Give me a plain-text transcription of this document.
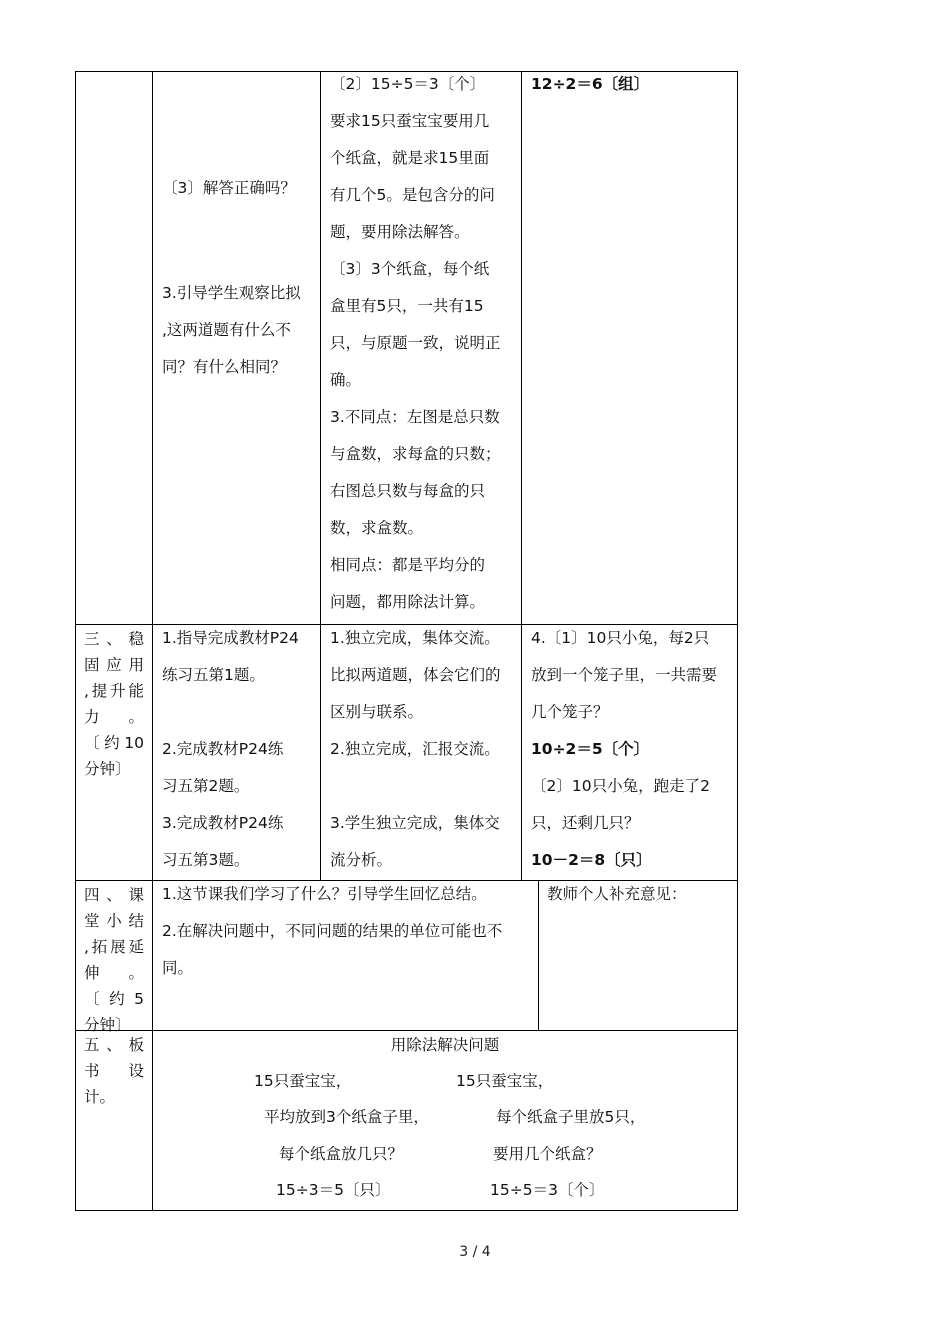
〔3〕解答正确吗？

3.引导学生观察比拟

,这两道题有什么不

同？有什么相同？

〔2〕15÷5＝3〔个〕

要求15只蚕宝宝要用几

个纸盒，就是求15里面

有几个5。是包含分的问

题，要用除法解答。

〔3〕3个纸盒，每个纸

盒里有5只，一共有15

只，与原题一致，说明正

确。

3.不同点：左图是总只数

与盒数，求每盒的只数；

右图总只数与每盒的只

数，求盒数。

相同点：都是平均分的

问题，都用除法计算。

12÷2＝6〔组〕

三、稳

固应用

,提升能

力。

〔约10

分钟〕

1.指导完成教材P24

练习五第1题。

2.完成教材P24练

习五第2题。

3.完成教材P24练

习五第3题。

1.独立完成，集体交流。

比拟两道题，体会它们的

区别与联系。

2.独立完成，汇报交流。

3.学生独立完成，集体交

流分析。

4.〔1〕10只小兔，每2只

放到一个笼子里，一共需要

几个笼子？

10÷2＝5〔个〕

〔2〕10只小兔，跑走了2

只，还剩几只？

10－2＝8〔只〕

四、课

堂小结

,拓展延

伸。

〔约5

分钟〕

1.这节课我们学习了什么？引导学生回忆总结。

2.在解决问题中，不同问题的结果的单位可能也不

同。

教师个人补充意见：

五、板

书设

计。

用除法解决问题
15只蚕宝宝，
平均放到3个纸盒子里，
每个纸盒放几只？
15÷3＝5〔只〕
15只蚕宝宝，
每个纸盒子里放5只，
要用几个纸盒？
15÷5＝3〔个〕
3 / 4
